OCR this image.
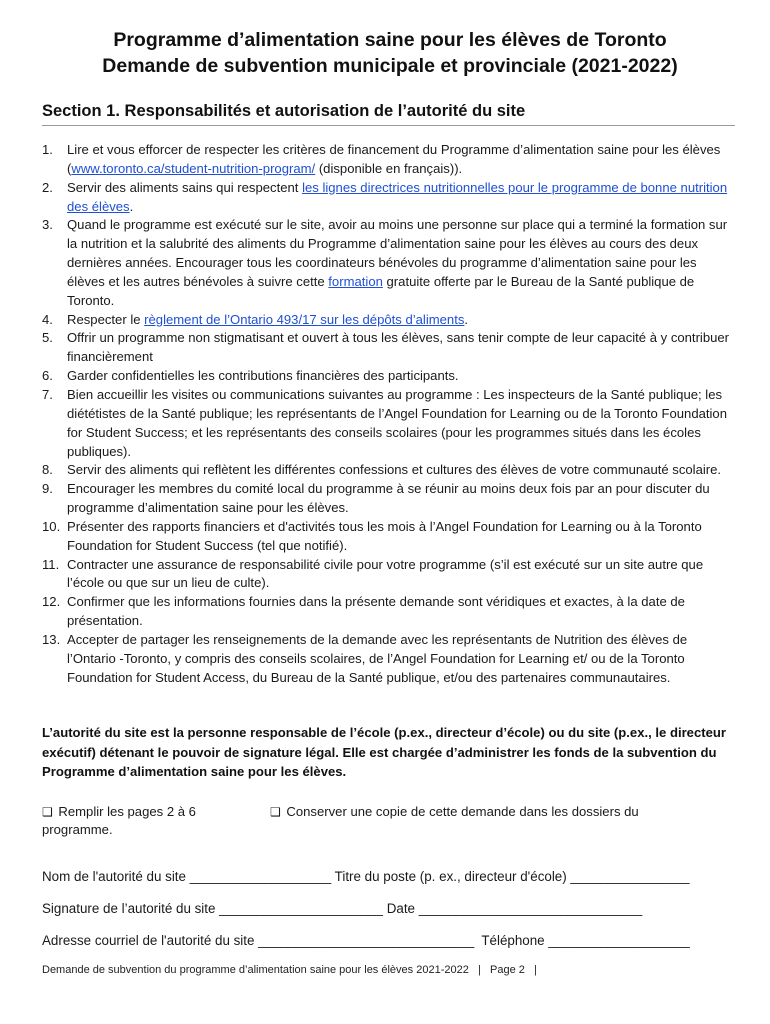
Programme d’alimentation saine pour les élèves de Toronto
Demande de subvention municipale et provinciale (2021-2022)
Section 1. Responsabilités et autorisation de l’autorité du site
1. Lire et vous efforcer de respecter les critères de financement du Programme d’alimentation saine pour les élèves (www.toronto.ca/student-nutrition-program/ (disponible en français)).
2. Servir des aliments sains qui respectent les lignes directrices nutritionnelles pour le programme de bonne nutrition des élèves.
3. Quand le programme est exécuté sur le site, avoir au moins une personne sur place qui a terminé la formation sur la nutrition et la salubrité des aliments du Programme d’alimentation saine pour les élèves au cours des deux dernières années. Encourager tous les coordinateurs bénévoles du programme d’alimentation saine pour les élèves et les autres bénévoles à suivre cette formation gratuite offerte par le Bureau de la Santé publique de Toronto.
4. Respecter le règlement de l’Ontario 493/17 sur les dépôts d’aliments.
5. Offrir un programme non stigmatisant et ouvert à tous les élèves, sans tenir compte de leur capacité à y contribuer financièrement
6. Garder confidentielles les contributions financières des participants.
7. Bien accueillir les visites ou communications suivantes au programme : Les inspecteurs de la Santé publique; les diététistes de la Santé publique; les représentants de l’Angel Foundation for Learning ou de la Toronto Foundation for Student Success; et les représentants des conseils scolaires (pour les programmes situés dans les écoles publiques).
8. Servir des aliments qui reflètent les différentes confessions et cultures des élèves de votre communauté scolaire.
9. Encourager les membres du comité local du programme à se réunir au moins deux fois par an pour discuter du programme d’alimentation saine pour les élèves.
10. Présenter des rapports financiers et d'activités tous les mois à l’Angel Foundation for Learning ou à la Toronto Foundation for Student Success (tel que notifié).
11. Contracter une assurance de responsabilité civile pour votre programme (s’il est exécuté sur un site autre que l’école ou que sur un lieu de culte).
12. Confirmer que les informations fournies dans la présente demande sont véridiques et exactes, à la date de présentation.
13. Accepter de partager les renseignements de la demande avec les représentants de Nutrition des élèves de l’Ontario -Toronto, y compris des conseils scolaires, de l’Angel Foundation for Learning et/ ou de la Toronto Foundation for Student Access, du Bureau de la Santé publique, et/ou des partenaires communautaires.

L’autorité du site est la personne responsable de l’école (p.ex., directeur d’école) ou du site (p.ex., le directeur exécutif) détenant le pouvoir de signature légal. Elle est chargée d’administrer les fonds de la subvention du Programme d’alimentation saine pour les élèves.

❑ Remplir les pages 2 à 6 programme.
❑ Conserver une copie de cette demande dans les dossiers du
Nom de l'autorité du site ___________________ Titre du poste (p. ex., directeur d'école) ________________
Signature de l’autorité du site ______________________ Date ______________________________
Adresse courriel de l'autorité du site _____________________________  Téléphone ___________________
Demande de subvention du programme d’alimentation saine pour les élèves 2021-2022   |   Page 2   |
